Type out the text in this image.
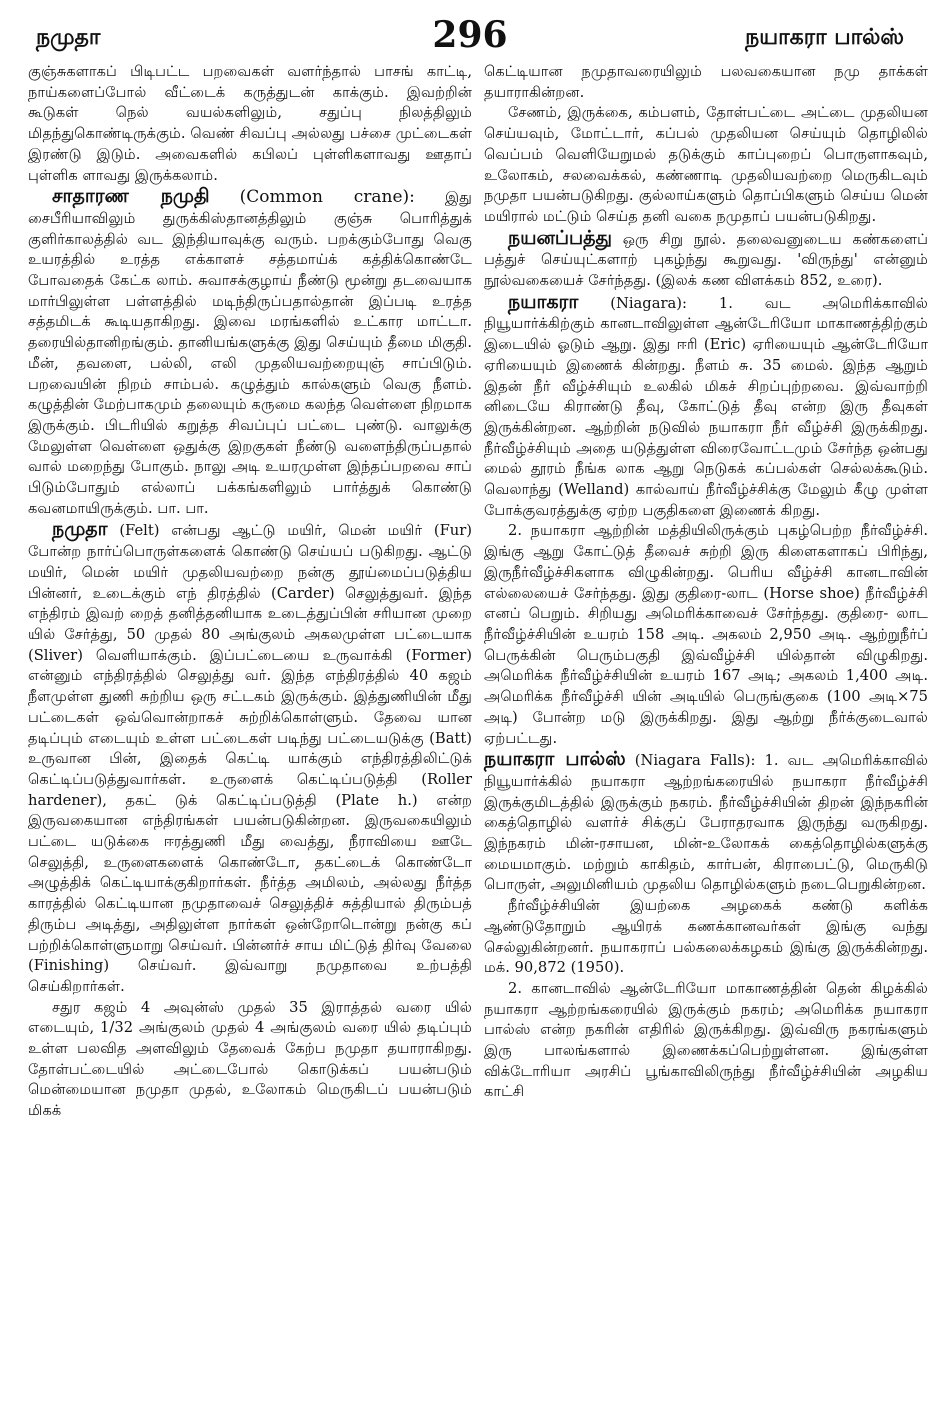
நமுதா	296	நயாகரா பால்ஸ்

குஞ்சுகளாகப் பிடிபட்ட பறவைகள் வளர்ந்தால் பாசங் காட்டி, நாய்களைப்போல் வீட்டைக் கருத்துடன் காக்கும். இவற்றின் கூடுகள் நெல் வயல்களிலும், சதுப்பு நிலத்திலும் மிதந்துகொண்டிருக்கும். வெண் சிவப்பு அல்லது பச்சை முட்டைகள் இரண்டு இடும். அவைகளில் கபிலப் புள்ளிகளாவது ஊதாப் புள்ளிக ளாவது இருக்கலாம்.

சாதாரண நமுதி (Common crane): இது சைபீரியாவிலும் துருக்கிஸ்தானத்திலும் குஞ்சு பொரித்துக் குளிர்காலத்தில் வட இந்தியாவுக்கு வரும். பறக்கும்போது வெகு உயரத்தில் உரத்த எக்காளச் சத்தமாய்க் கத்திக்கொண்டே போவதைக் கேட்க லாம். சுவாசக்குழாய் நீண்டு மூன்று தடவையாக மார்பிலுள்ள பள்ளத்தில் மடிந்திருப்பதால்தான் இப்படி உரத்த சத்தமிடக் கூடியதாகிறது. இவை மரங்களில் உட்கார மாட்டா. தரையில்தானிறங்கும். தானியங்களுக்கு இது செய்யும் தீமை மிகுதி. மீன், தவளை, பல்லி, எலி முதலியவற்றையுஞ் சாப்பிடும். பறவையின் நிறம் சாம்பல். கழுத்தும் கால்களும் வெகு நீளம். கழுத்தின் மேற்பாகமும் தலையும் கருமை கலந்த வெள்ளை நிறமாக இருக்கும். பிடரியில் கறுத்த சிவப்புப் பட்டை புண்டு. வாலுக்கு மேலுள்ள வெள்ளை ஒதுக்கு இறகுகள் நீண்டு வளைந்திருப்பதால் வால் மறைந்து போகும். நாலு அடி உயரமுள்ள இந்தப்பறவை சாப் பிடும்போதும் எல்லாப் பக்கங்களிலும் பார்த்துக் கொண்டு கவனமாயிருக்கும். பா. பா.

நமுதா (Felt) என்பது ஆட்டு மயிர், மென் மயிர் (Fur) போன்ற நார்ப்பொருள்களைக் கொண்டு செய்யப் படுகிறது. ஆட்டு மயிர், மென் மயிர் முதலியவற்றை நன்கு தூய்மைப்படுத்திய பின்னர், உடைக்கும் எந் திரத்தில் (Carder) செலுத்துவர். இந்த எந்திரம் இவற் றைத் தனித்தனியாக உடைத்துப்பின் சரியான முறை யில் சேர்த்து, 50 முதல் 80 அங்குலம் அகலமுள்ள பட்டையாக (Sliver) வெளியாக்கும். இப்பட்டையை உருவாக்கி (Former) என்னும் எந்திரத்தில் செலுத்து வர். இந்த எந்திரத்தில் 40 கஜம் நீளமுள்ள துணி சுற்றிய ஒரு சட்டகம் இருக்கும். இத்துணியின் மீது பட்டைகள் ஒவ்வொன்றாகச் சுற்றிக்கொள்ளும். தேவை யான தடிப்பும் எடையும் உள்ள பட்டைகள் படிந்து பட்டையடுக்கு (Batt) உருவான பின், இதைக் கெட்டி யாக்கும் எந்திரத்திலிட்டுக் கெட்டிப்படுத்துவார்கள். உருளைக் கெட்டிப்படுத்தி (Roller hardener), தகட் டுக் கெட்டிப்படுத்தி (Plate h.) என்ற இருவகையான எந்திரங்கள் பயன்படுகின்றன. இருவகையிலும் பட்டை யடுக்கை ஈரத்துணி மீது வைத்து, நீராவியை ஊடே செலுத்தி, உருளைகளைக் கொண்டோ, தகட்டைக் கொண்டோ அழுத்திக் கெட்டியாக்குகிறார்கள். நீர்த்த அமிலம், அல்லது நீர்த்த காரத்தில் கெட்டியான நமுதாவைச் செலுத்திச் சுத்தியால் திரும்பத் திரும்ப அடித்து, அதிலுள்ள நார்கள் ஒன்றோடொன்று நன்கு கப் பற்றிக்கொள்ளுமாறு செய்வர். பின்னர்ச் சாய மிட்டுத் திர்வு வேலை (Finishing) செய்வர். இவ்வாறு நமுதாவை உற்பத்தி செய்கிறார்கள்.

சதுர கஜம் 4 அவுன்ஸ் முதல் 35 இராத்தல் வரை யில் எடையும், 1/32 அங்குலம் முதல் 4 அங்குலம் வரை யில் தடிப்பும் உள்ள பலவித அளவிலும் தேவைக் கேற்ப நமுதா தயாராகிறது. தோள்பட்டையில் அட்டைபோல் கொடுக்கப் பயன்படும் மென்மையான நமுதா முதல், உலோகம் மெருகிடப் பயன்படும் மிகக்

கெட்டியான நமுதாவரையிலும் பலவகையான நமு தாக்கள் தயாராகின்றன.

சேணம், இருக்கை, கம்பளம், தோள்பட்டை அட்டை முதலியன செய்யவும், மோட்டார், கப்பல் முதலியன செய்யும் தொழிலில் வெப்பம் வெளியேறுமல் தடுக்கும் காப்புறைப் பொருளாகவும், உலோகம், சலவைக்கல், கண்ணாடி முதலியவற்றை மெருகிடவும் நமுதா பயன்படுகிறது. குல்லாய்களும் தொப்பிகளும் செய்ய மென் மயிரால் மட்டும் செய்த தனி வகை நமுதாப் பயன்படுகிறது.

நயனப்பத்து ஒரு சிறு நூல். தலைவனுடைய கண்களைப் பத்துச் செய்யுட்களாற் புகழ்ந்து கூறுவது. 'விருந்து' என்னும் நூல்வகையைச் சேர்ந்தது. (இலக் கண விளக்கம் 852, உரை).

நயாகரா (Niagara): 1. வட அமெரிக்காவில் நியூயார்க்கிற்கும் கானடாவிலுள்ள ஆன்டேரியோ மாகாணத்திற்கும் இடையில் ஓடும் ஆறு. இது ஈரி (Eric) ஏரியையும் ஆன்டேரியோ ஏரியையும் இணைக் கின்றது. நீளம் சு. 35 மைல். இந்த ஆறும் இதன் நீர் வீழ்ச்சியும் உலகில் மிகச் சிறப்புற்றவை. இவ்வாற்றி னிடையே கிராண்டு தீவு, கோட்டுத் தீவு என்ற இரு தீவுகள் இருக்கின்றன. ஆற்றின் நடுவில் நயாகரா நீர் வீழ்ச்சி இருக்கிறது. நீர்வீழ்ச்சியும் அதை யடுத்துள்ள விரைவோட்டமும் சேர்ந்த ஒன்பது மைல் தூரம் நீங்க லாக ஆறு நெடுகக் கப்பல்கள் செல்லக்கூடும். வெலாந்து (Welland) கால்வாய் நீர்வீழ்ச்சிக்கு மேலும் கீழு முள்ள போக்குவரத்துக்கு ஏற்ற பகுதிகளை இணைக் கிறது.

2. நயாகரா ஆற்றின் மத்தியிலிருக்கும் புகழ்பெற்ற நீர்வீழ்ச்சி. இங்கு ஆறு கோட்டுத் தீவைச் சுற்றி இரு கிளைகளாகப் பிரிந்து, இருநீர்வீழ்ச்சிகளாக விழுகின்றது. பெரிய வீழ்ச்சி கானடாவின் எல்லையைச் சேர்ந்தது. இது குதிரை-லாட (Horse shoe) நீர்வீழ்ச்சி எனப் பெறும். சிறியது அமெரிக்காவைச் சேர்ந்தது. குதிரை- லாட நீர்வீழ்ச்சியின் உயரம் 158 அடி. அகலம் 2,950 அடி. ஆற்றுநீர்ப் பெருக்கின் பெரும்பகுதி இவ்வீழ்ச்சி யில்தான் விழுகிறது. அமெரிக்க நீர்வீழ்ச்சியின் உயரம் 167 அடி; அகலம் 1,400 அடி. அமெரிக்க நீர்வீழ்ச்சி யின் அடியில் பெருங்குகை (100 அடி×75 அடி) போன்ற மடு இருக்கிறது. இது ஆற்று நீர்க்குடைவால் ஏற்பட்டது.

நயாகரா பால்ஸ் (Niagara Falls): 1. வட அமெரிக்காவில் நியூயார்க்கில் நயாகரா ஆற்றங்கரையில் நயாகரா நீர்வீழ்ச்சி இருக்குமிடத்தில் இருக்கும் நகரம். நீர்வீழ்ச்சியின் திறன் இந்நகரின் கைத்தொழில் வளர்ச் சிக்குப் பேராதரவாக இருந்து வருகிறது. இந்நகரம் மின்-ரசாயன, மின்-உலோகக் கைத்தொழில்களுக்கு மையமாகும். மற்றும் காகிதம், கார்பன், கிராபைட்டு, மெருகிடு பொருள், அலுமினியம் முதலிய தொழில்களும் நடைபெறுகின்றன.

நீர்வீழ்ச்சியின் இயற்கை அழகைக் கண்டு களிக்க ஆண்டுதோறும் ஆயிரக் கணக்கானவர்கள் இங்கு வந்து செல்லுகின்றனர். நயாகராப் பல்கலைக்கழகம் இங்கு இருக்கின்றது. மக். 90,872 (1950).

2. கானடாவில் ஆன்டேரியோ மாகாணத்தின் தென் கிழக்கில் நயாகரா ஆற்றங்கரையில் இருக்கும் நகரம்; அமெரிக்க நயாகரா பால்ஸ் என்ற நகரின் எதிரில் இருக்கிறது. இவ்விரு நகரங்களும் இரு பாலங்களால் இணைக்கப்பெற்றுள்ளன. இங்குள்ள விக்டோரியா அரசிப் பூங்காவிலிருந்து நீர்வீழ்ச்சியின் அழகிய காட்சி
